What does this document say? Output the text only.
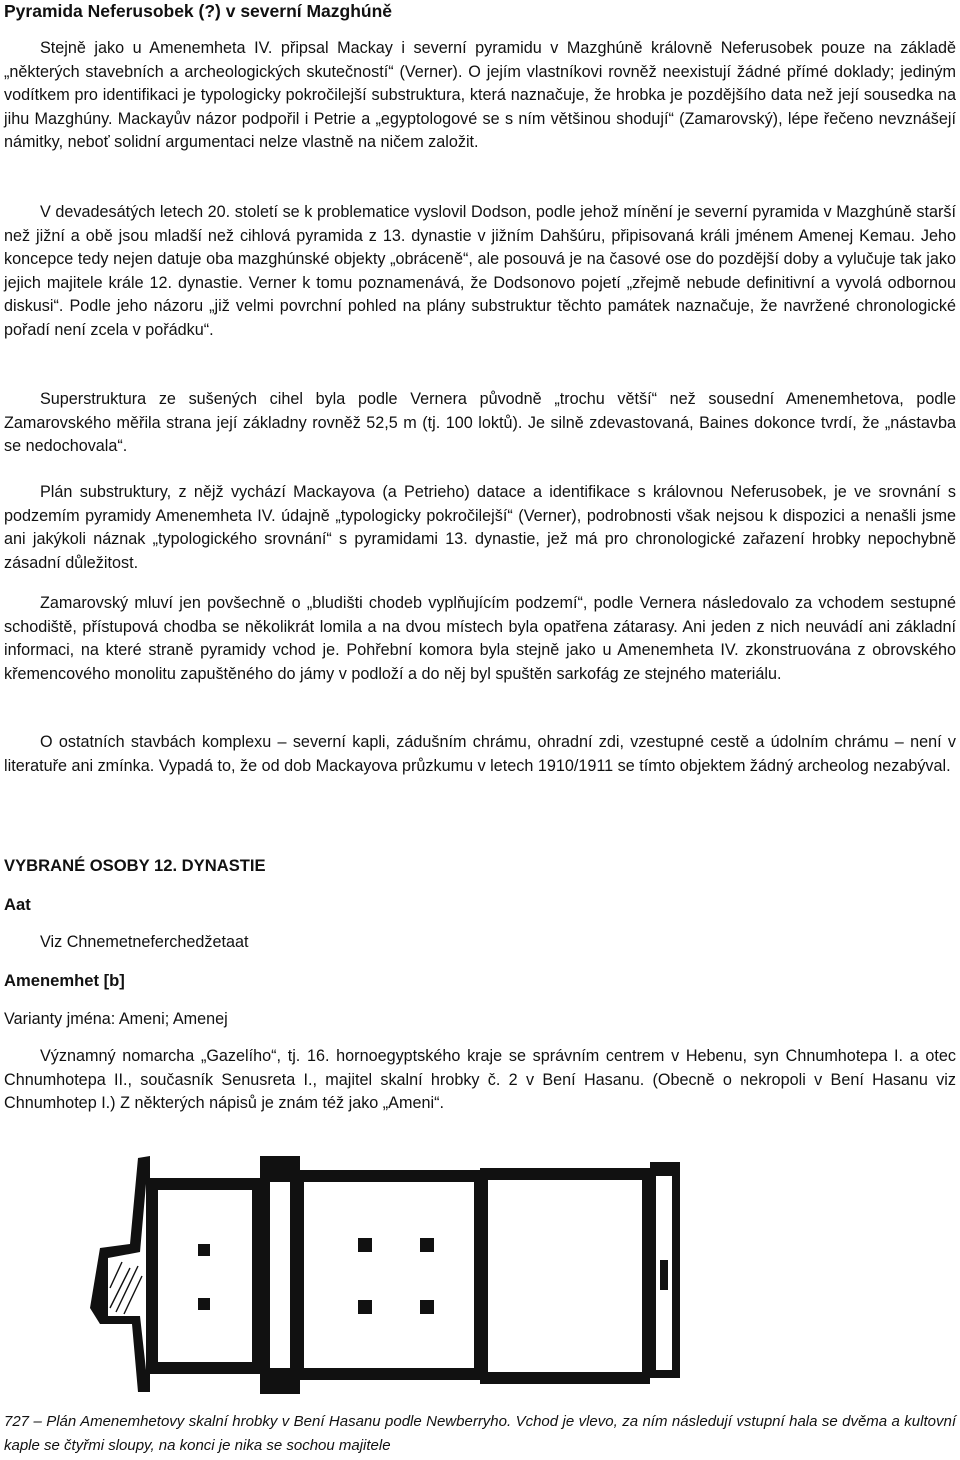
Pyramida Neferusobek (?) v severní Mazghúně

Stejně jako u Amenemheta IV. připsal Mackay i severní pyramidu v Mazghúně královně Neferusobek pouze na základě „některých stavebních a archeologických skutečností“ (Verner). O jejím vlastníkovi rovněž neexistují žádné přímé doklady; jediným vodítkem pro identifikaci je typologicky pokročilejší substruktura, která naznačuje, že hrobka je pozdějšího data než její sousedka na jihu Mazghúny. Mackayův názor podpořil i Petrie a „egyptologové se s ním většinou shodují“ (Zamarovský), lépe řečeno nevznášejí námitky, neboť solidní argumentaci nelze vlastně na ničem založit.

V devadesátých letech 20. století se k problematice vyslovil Dodson, podle jehož mínění je severní pyramida v Mazghúně starší než jižní a obě jsou mladší než cihlová pyramida z 13. dynastie v jižním Dahšúru, připisovaná králi jménem Amenej Kemau. Jeho koncepce tedy nejen datuje oba mazghúnské objekty „obráceně“, ale posouvá je na časové ose do pozdější doby a vylučuje tak jako jejich majitele krále 12. dynastie. Verner k tomu poznamenává, že Dodsonovo pojetí „zřejmě nebude definitivní a vyvolá odbornou diskusi“. Podle jeho názoru „již velmi povrchní pohled na plány substruktur těchto památek naznačuje, že navržené chronologické pořadí není zcela v pořádku“.

Superstruktura ze sušených cihel byla podle Vernera původně „trochu větší“ než sousední Amenemhetova, podle Zamarovského měřila strana její základny rovněž 52,5 m (tj. 100 loktů). Je silně zdevastovaná, Baines dokonce tvrdí, že „nástavba se nedochovala“.

Plán substruktury, z nějž vychází Mackayova (a Petrieho) datace a identifikace s královnou Neferusobek, je ve srovnání s podzemím pyramidy Amenemheta IV. údajně „typologicky pokročilejší“ (Verner), podrobnosti však nejsou k dispozici a nenašli jsme ani jakýkoli náznak „typologického srovnání“ s pyramidami 13. dynastie, jež má pro chronologické zařazení hrobky nepochybně zásadní důležitost.

Zamarovský mluví jen povšechně o „bludišti chodeb vyplňujícím podzemí“, podle Vernera následovalo za vchodem sestupné schodiště, přístupová chodba se několikrát lomila a na dvou místech byla opatřena zátarasy. Ani jeden z nich neuvádí ani základní informaci, na které straně pyramidy vchod je. Pohřební komora byla stejně jako u Amenemheta IV. zkonstruována z obrovského křemencového monolitu zapuštěného do jámy v podloží a do něj byl spuštěn sarkofág ze stejného materiálu.

O ostatních stavbách komplexu – severní kapli, zádušním chrámu, ohradní zdi, vzestupné cestě a údolním chrámu – není v literatuře ani zmínka. Vypadá to, že od dob Mackayova průzkumu v letech 1910/1911 se tímto objektem žádný archeolog nezabýval.

VYBRANÉ OSOBY 12. DYNASTIE
Aat

Viz Chnemetneferchedžetaat

Amenemhet [b]

Varianty jména: Ameni; Amenej

Významný nomarcha „Gazelího“, tj. 16. hornoegyptského kraje se správním centrem v Hebenu, syn Chnumhotepa I. a otec Chnumhotepa II., současník Senusreta I., majitel skalní hrobky č. 2 v Bení Hasanu. (Obecně o nekropoli v Bení Hasanu viz Chnumhotep I.) Z některých nápisů je znám též jako „Ameni“.

727 – Plán Amenemhetovy skalní hrobky v Bení Hasanu podle Newberryho. Vchod je vlevo, za ním následují vstupní hala se dvěma a kultovní kaple se čtyřmi sloupy, na konci je nika se sochou majitele
